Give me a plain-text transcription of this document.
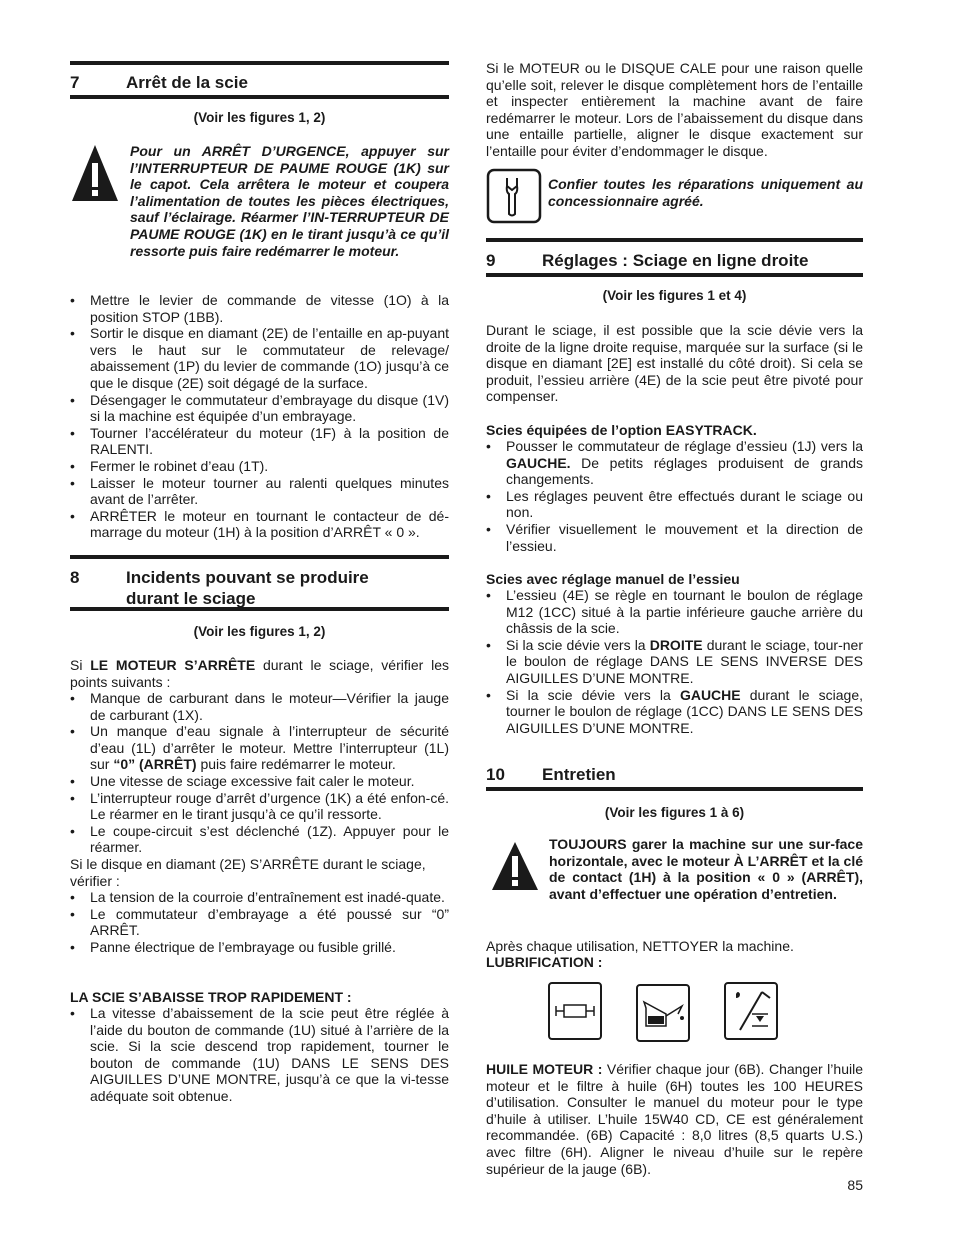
7	Arrêt de la scie
(Voir les figures 1, 2)
Pour un ARRÊT D’URGENCE, appuyer sur l’INTERRUPTEUR DE PAUME ROUGE (1K) sur le capot. Cela arrêtera le moteur et coupera l’alimentation de toutes les pièces électriques, sauf l’éclairage. Réarmer l’IN-TERRUPTEUR DE PAUME ROUGE (1K) en le tirant jusqu’à ce qu’il ressorte puis faire redémarrer le moteur.
• Mettre le levier de commande de vitesse (1O) à la position STOP (1BB).
• Sortir le disque en diamant (2E) de l’entaille en ap-puyant vers le haut sur le commutateur de relevage/ abaissement (1P) du levier de commande (1O) jusqu’à ce que le disque (2E) soit dégagé de la surface.
• Désengager le commutateur d’embrayage du disque (1V) si la machine est équipée d’un embrayage.
• Tourner l’accélérateur du moteur (1F) à la position de RALENTI.
• Fermer le robinet d’eau (1T).
• Laisser le moteur tourner au ralenti quelques minutes avant de l’arrêter.
• ARRÊTER le moteur en tournant le contacteur de dé-marrage du moteur (1H) à la position d’ARRÊT « 0 ».
8	Incidents pouvant se produire
durant le sciage
(Voir les figures 1, 2)
Si LE MOTEUR S’ARRÊTE durant le sciage, vérifier les points suivants :
• Manque de carburant dans le moteur—Vérifier la jauge de carburant (1X).
• Un manque d’eau signale à l’interrupteur de sécurité d’eau (1L) d’arrêter le moteur. Mettre l’interrupteur (1L) sur “0” (ARRÊT) puis faire redémarrer le moteur.
• Une vitesse de sciage excessive fait caler le moteur.
• L’interrupteur rouge d’arrêt d’urgence (1K) a été enfon-cé. Le réarmer en le tirant jusqu’à ce qu’il ressorte.
• Le coupe-circuit s’est déclenché (1Z). Appuyer pour le réarmer.
Si le disque en diamant (2E) S’ARRÊTE durant le sciage, vérifier :
• La tension de la courroie d’entraînement est inadé-quate.
• Le commutateur d’embrayage a été poussé sur “0” ARRÊT.
• Panne électrique de l’embrayage ou fusible grillé.
LA SCIE S’ABAISSE TROP RAPIDEMENT :
• La vitesse d’abaissement de la scie peut être réglée à l’aide du bouton de commande (1U) situé à l’arrière de la scie. Si la scie descend trop rapidement, tourner le bouton de commande (1U) DANS LE SENS DES AIGUILLES D’UNE MONTRE, jusqu’à ce que la vi-tesse adéquate soit obtenue.
Si le MOTEUR ou le DISQUE CALE pour une raison quelle qu’elle soit, relever le disque complètement hors de l’entaille et inspecter entièrement la machine avant de faire redémarrer le moteur. Lors de l’abaissement du disque dans une entaille partielle, aligner le disque exactement sur l’entaille pour éviter d’endommager le disque.
Confier toutes les réparations uniquement au concessionnaire agréé.
9	Réglages : Sciage en ligne droite
(Voir les figures 1 et 4)
Durant le sciage, il est possible que la scie dévie vers la droite de la ligne droite requise, marquée sur la surface (si le disque en diamant [2E] est installé du côté droit). Si cela se produit, l’essieu arrière (4E) de la scie peut être pivoté pour compenser.
Scies équipées de l’option EASYTRACK.
• Pousser le commutateur de réglage d’essieu (1J) vers la GAUCHE. De petits réglages produisent de grands changements.
• Les réglages peuvent être effectués durant le sciage ou non.
• Vérifier visuellement le mouvement et la direction de l’essieu.
Scies avec réglage manuel de l’essieu
• L’essieu (4E) se règle en tournant le boulon de réglage M12 (1CC) situé à la partie inférieure gauche arrière du châssis de la scie.
• Si la scie dévie vers la DROITE durant le sciage, tour-ner le boulon de réglage DANS LE SENS INVERSE DES AIGUILLES D’UNE MONTRE.
• Si la scie dévie vers la GAUCHE durant le sciage, tourner le boulon de réglage (1CC) DANS LE SENS DES AIGUILLES D’UNE MONTRE.
10 Entretien
(Voir les figures 1 à 6)
TOUJOURS garer la machine sur une sur-face horizontale, avec le moteur À L’ARRÊT et la clé de contact (1H) à la position « 0 » (ARRÊT), avant d’effectuer une opération d’entretien.
Après chaque utilisation, NETTOYER la machine.
LUBRIFICATION :
HUILE MOTEUR : Vérifier chaque jour (6B). Changer l’huile moteur et le filtre à huile (6H) toutes les 100 HEURES d’utilisation. Consulter le manuel du moteur pour le type d’huile à utiliser. L’huile 15W40 CD, CE est généralement recommandée. (6B) Capacité : 8,0 litres (8,5 quarts U.S.) avec filtre (6H). Aligner le niveau d’huile sur le repère supérieur de la jauge (6B).
85
